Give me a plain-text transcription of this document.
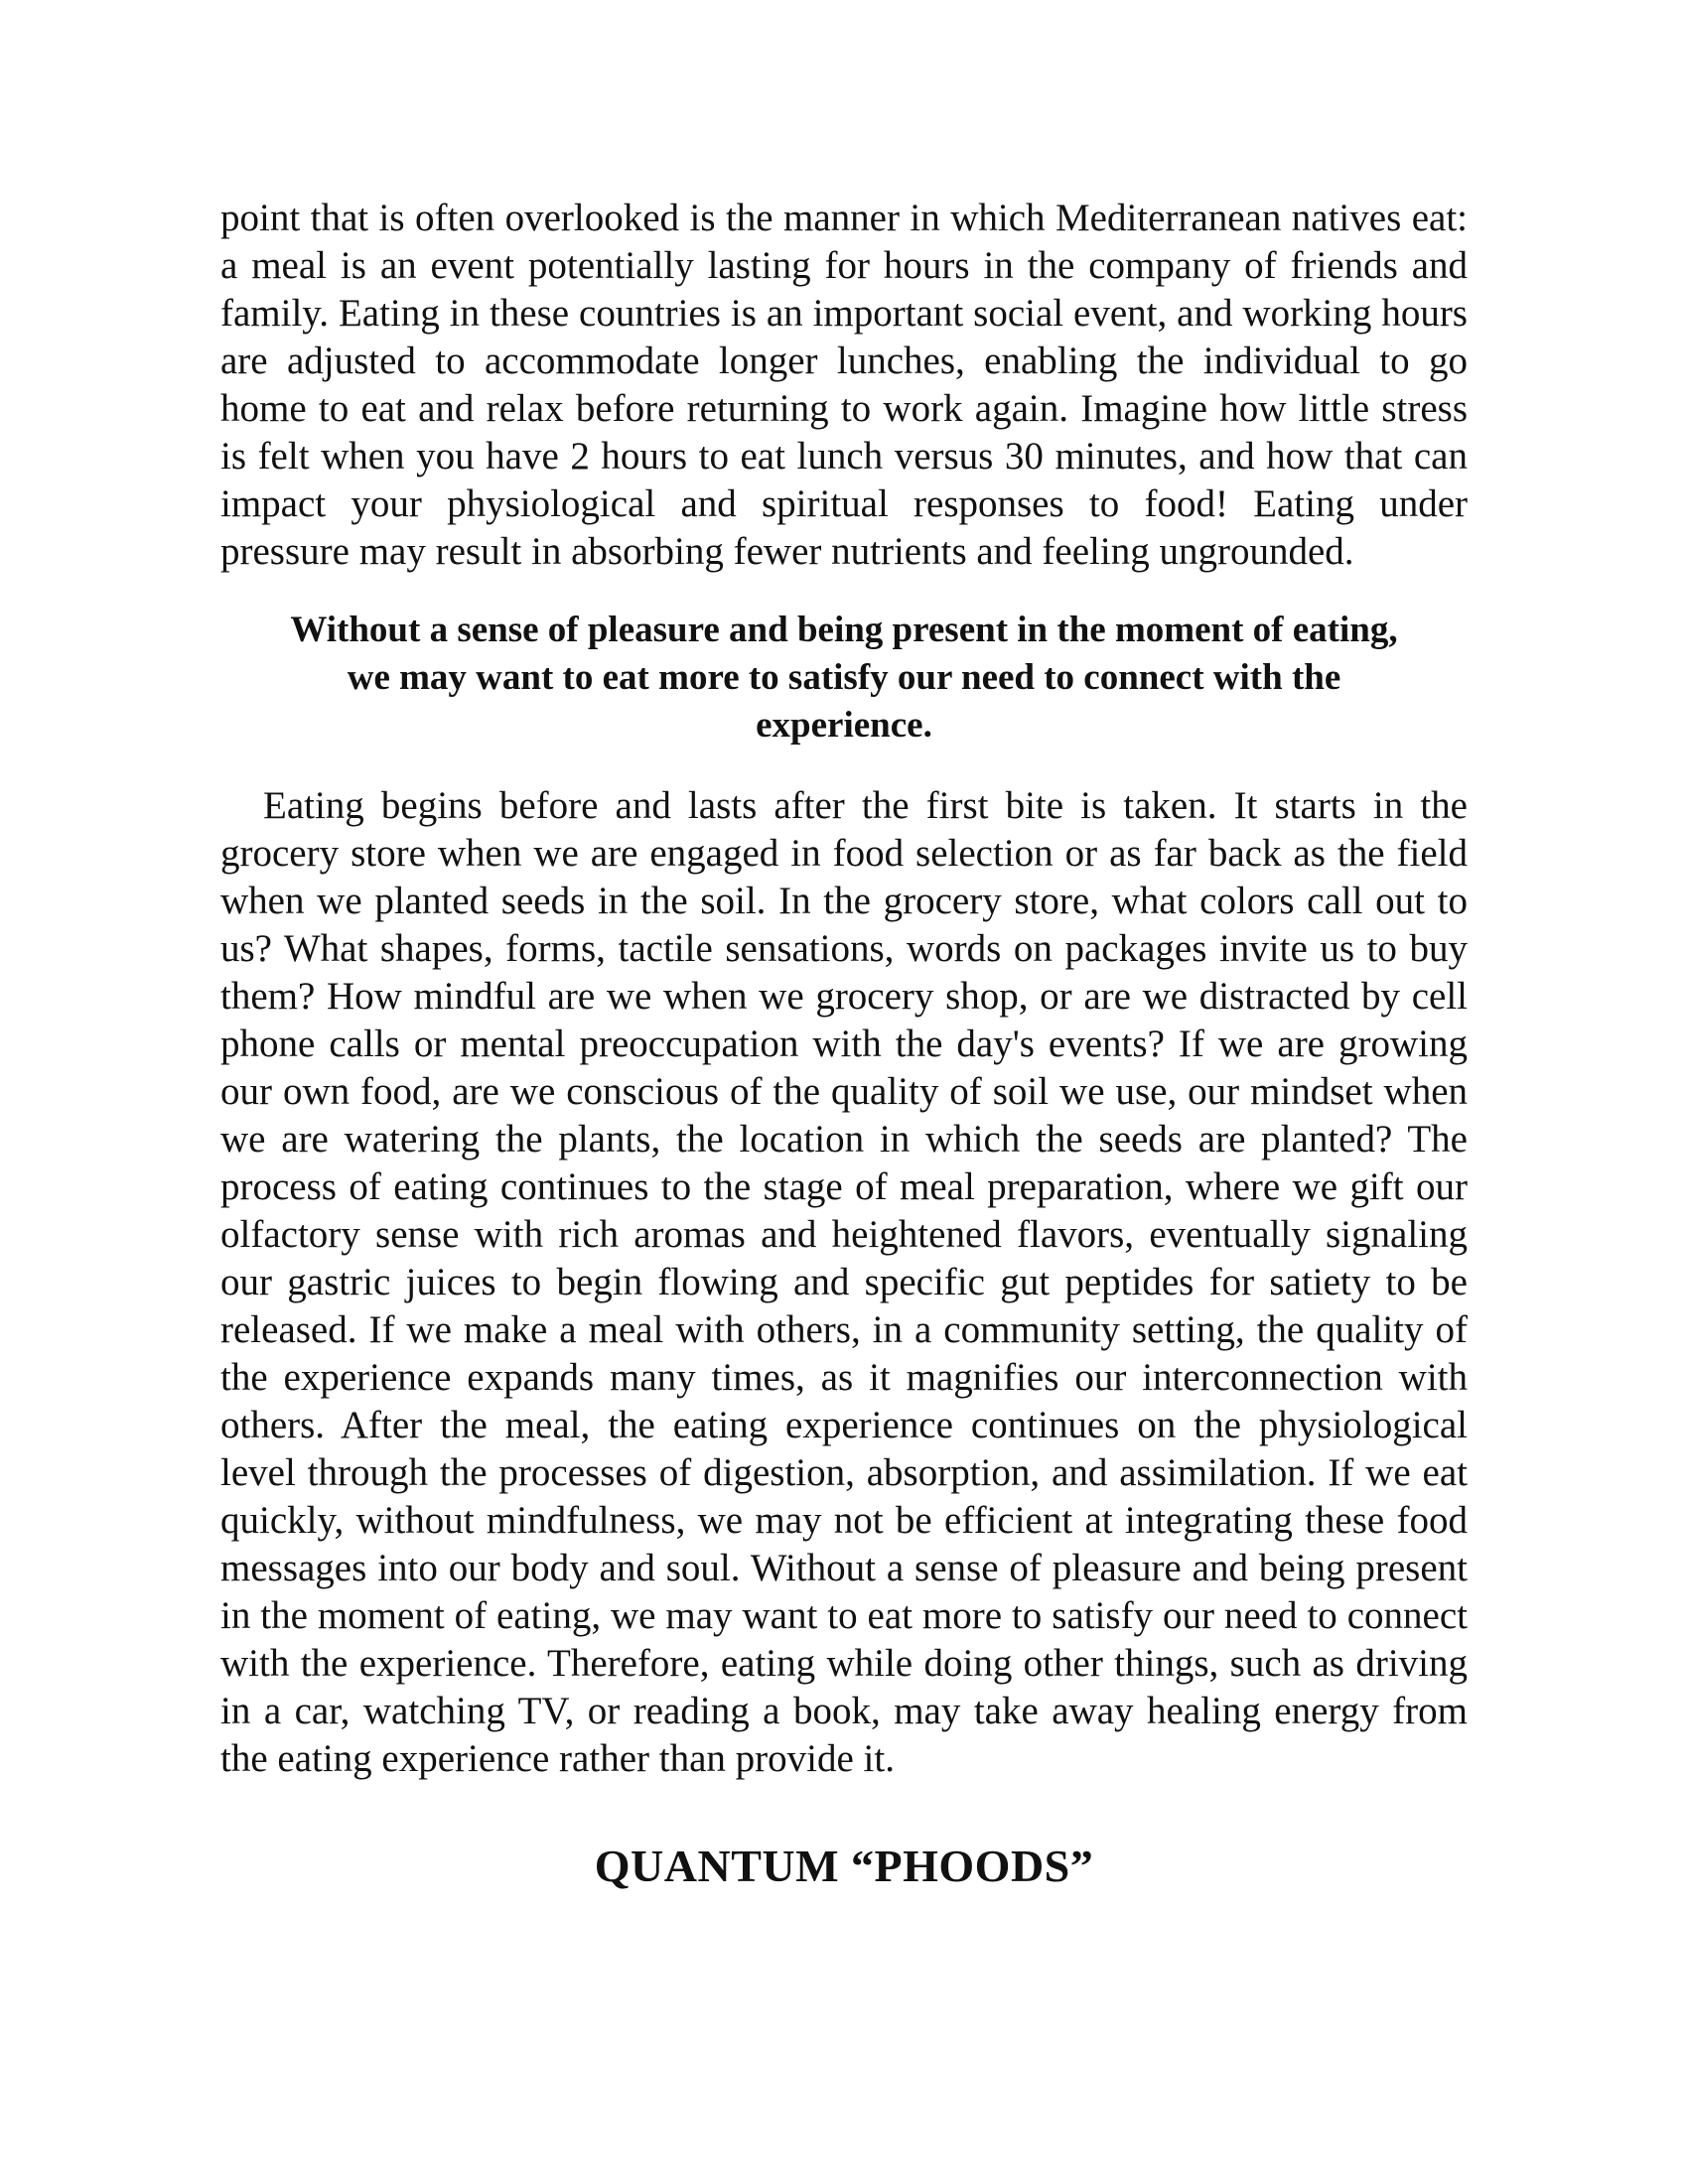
point that is often overlooked is the manner in which Mediterranean natives eat: a meal is an event potentially lasting for hours in the company of friends and family. Eating in these countries is an important social event, and working hours are adjusted to accommodate longer lunches, enabling the individual to go home to eat and relax before returning to work again. Imagine how little stress is felt when you have 2 hours to eat lunch versus 30 minutes, and how that can impact your physiological and spiritual responses to food! Eating under pressure may result in absorbing fewer nutrients and feeling ungrounded.

Without a sense of pleasure and being present in the moment of eating, we may want to eat more to satisfy our need to connect with the experience.

Eating begins before and lasts after the first bite is taken. It starts in the grocery store when we are engaged in food selection or as far back as the field when we planted seeds in the soil. In the grocery store, what colors call out to us? What shapes, forms, tactile sensations, words on packages invite us to buy them? How mindful are we when we grocery shop, or are we distracted by cell phone calls or mental preoccupation with the day's events? If we are growing our own food, are we conscious of the quality of soil we use, our mindset when we are watering the plants, the location in which the seeds are planted? The process of eating continues to the stage of meal preparation, where we gift our olfactory sense with rich aromas and heightened flavors, eventually signaling our gastric juices to begin flowing and specific gut peptides for satiety to be released. If we make a meal with others, in a community setting, the quality of the experience expands many times, as it magnifies our interconnection with others. After the meal, the eating experience continues on the physiological level through the processes of digestion, absorption, and assimilation. If we eat quickly, without mindfulness, we may not be efficient at integrating these food messages into our body and soul. Without a sense of pleasure and being present in the moment of eating, we may want to eat more to satisfy our need to connect with the experience. Therefore, eating while doing other things, such as driving in a car, watching TV, or reading a book, may take away healing energy from the eating experience rather than provide it.

QUANTUM “PHOODS”
